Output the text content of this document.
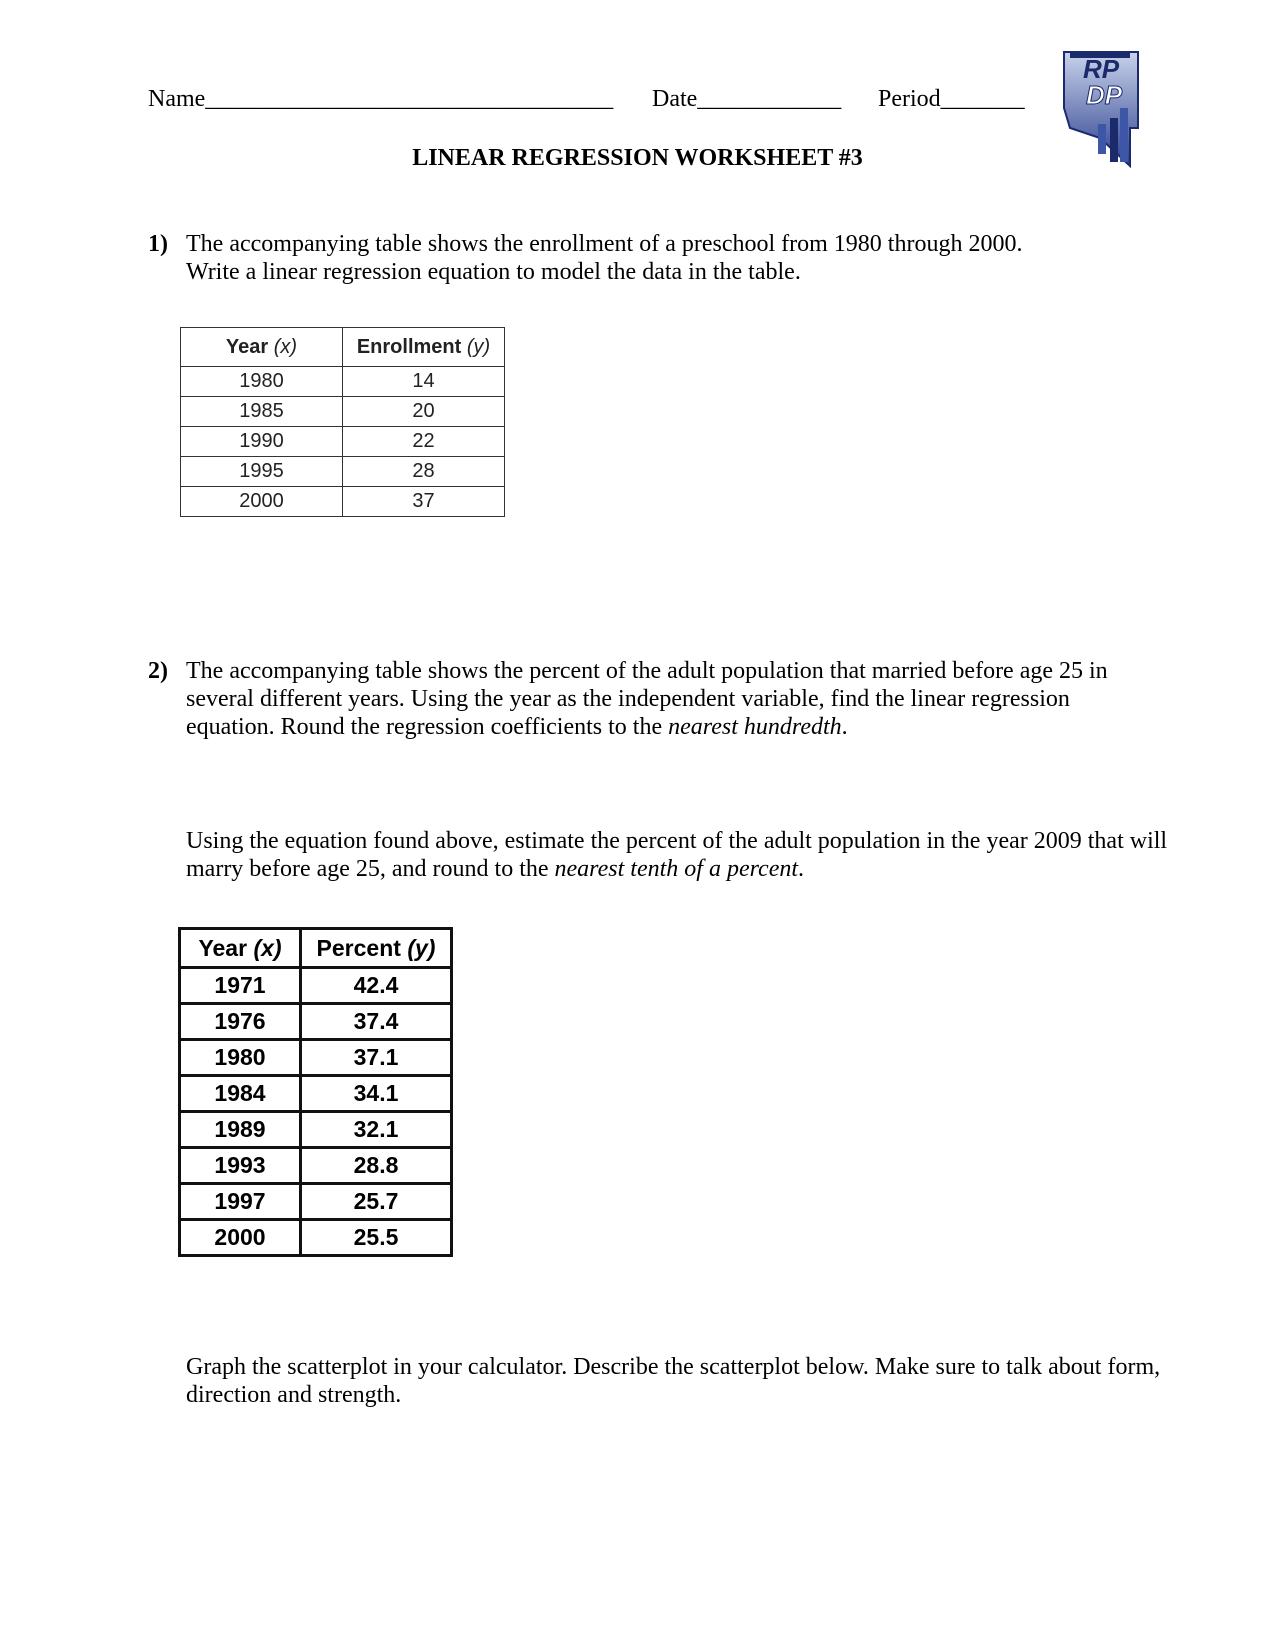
Name__________________________________ Date____________ Period_______
RP
DP
LINEAR REGRESSION WORKSHEET #3
1) The accompanying table shows the enrollment of a preschool from 1980 through 2000.
Write a linear regression equation to model the data in the table.
Year (x)	Enrollment (y)
1980	14
1985	20
1990	22
1995	28
2000	37
2) The accompanying table shows the percent of the adult population that married before age 25 in several different years. Using the year as the independent variable, find the linear regression equation. Round the regression coefficients to the nearest hundredth.
Using the equation found above, estimate the percent of the adult population in the year 2009 that will marry before age 25, and round to the nearest tenth of a percent.
Year (x)	Percent (y)
1971	42.4
1976	37.4
1980	37.1
1984	34.1
1989	32.1
1993	28.8
1997	25.7
2000	25.5
Graph the scatterplot in your calculator. Describe the scatterplot below. Make sure to talk about form, direction and strength.
